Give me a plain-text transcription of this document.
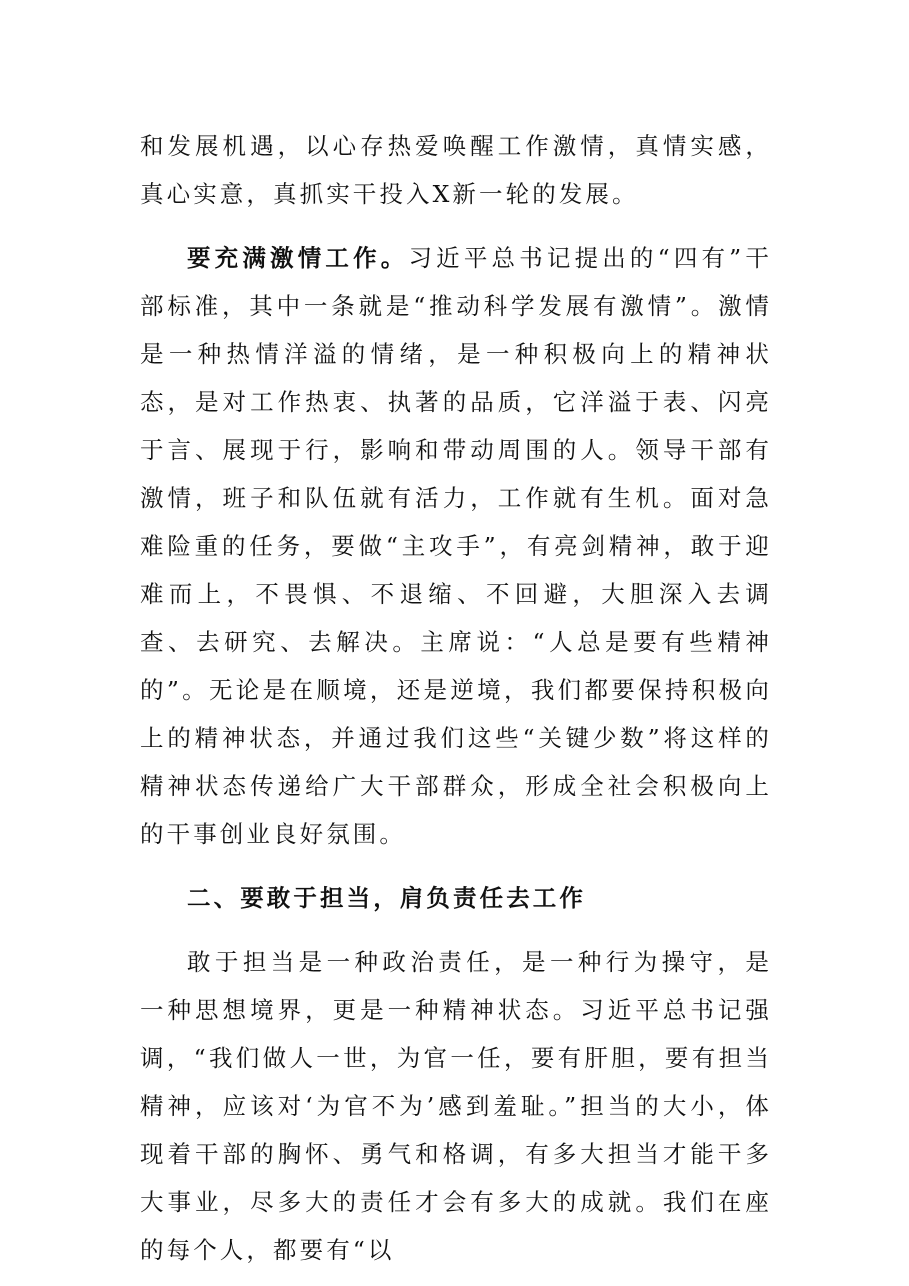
和发展机遇，以心存热爱唤醒工作激情，真情实感，真心实意，真抓实干投入X新一轮的发展。

要充满激情工作。习近平总书记提出的“四有”干部标准，其中一条就是“推动科学发展有激情”。激情是一种热情洋溢的情绪，是一种积极向上的精神状态，是对工作热衷、执著的品质，它洋溢于表、闪亮于言、展现于行，影响和带动周围的人。领导干部有激情，班子和队伍就有活力，工作就有生机。面对急难险重的任务，要做“主攻手”，有亮剑精神，敢于迎难而上，不畏惧、不退缩、不回避，大胆深入去调查、去研究、去解决。主席说：“人总是要有些精神的”。无论是在顺境，还是逆境，我们都要保持积极向上的精神状态，并通过我们这些“关键少数”将这样的精神状态传递给广大干部群众，形成全社会积极向上的干事创业良好氛围。

二、要敢于担当，肩负责任去工作

敢于担当是一种政治责任，是一种行为操守，是一种思想境界，更是一种精神状态。习近平总书记强调，“我们做人一世，为官一任，要有肝胆，要有担当精神，应该对‘为官不为’感到羞耻。”担当的大小，体现着干部的胸怀、勇气和格调，有多大担当才能干多大事业，尽多大的责任才会有多大的成就。我们在座的每个人，都要有“以
